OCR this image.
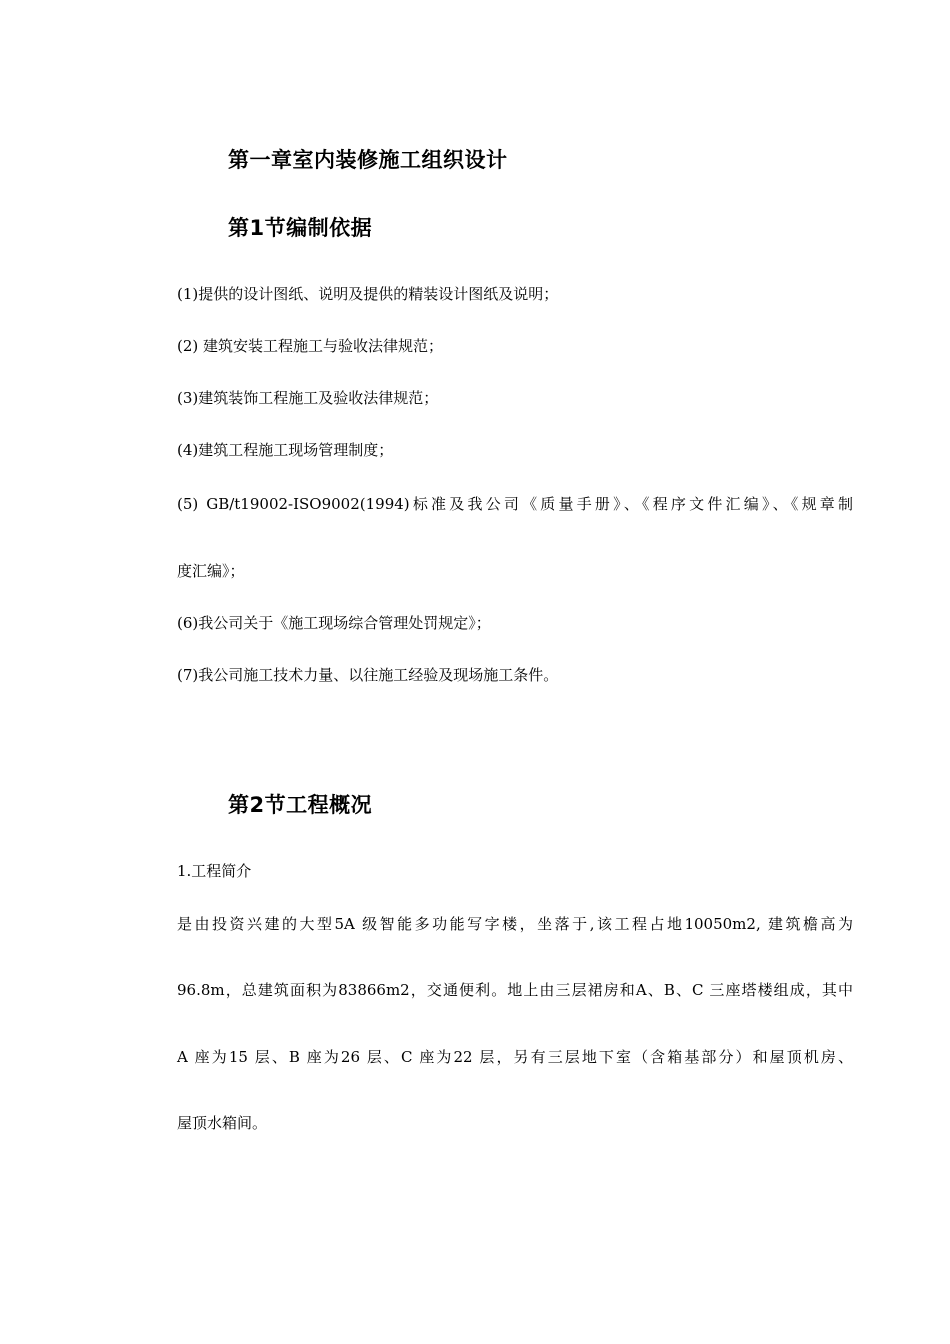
第一章室内装修施工组织设计
第1节编制依据
(1)提供的设计图纸、说明及提供的精装设计图纸及说明；
(2) 建筑安装工程施工与验收法律规范；
(3)建筑装饰工程施工及验收法律规范；
(4)建筑工程施工现场管理制度；
(5) GB/t19002-ISO9002(1994)标准及我公司《质量手册》、《程序文件汇编》、《规章制
度汇编》；
(6)我公司关于《施工现场综合管理处罚规定》；
(7)我公司施工技术力量、以往施工经验及现场施工条件。
第2节工程概况
1.工程简介
是由投资兴建的大型5A 级智能多功能写字楼，坐落于,该工程占地10050m2, 建筑檐高为
96.8m，总建筑面积为83866m2，交通便利。地上由三层裙房和A、B、C 三座塔楼组成，其中
A 座为15 层、B 座为26 层、C 座为22 层，另有三层地下室（含箱基部分）和屋顶机房、
屋顶水箱间。
